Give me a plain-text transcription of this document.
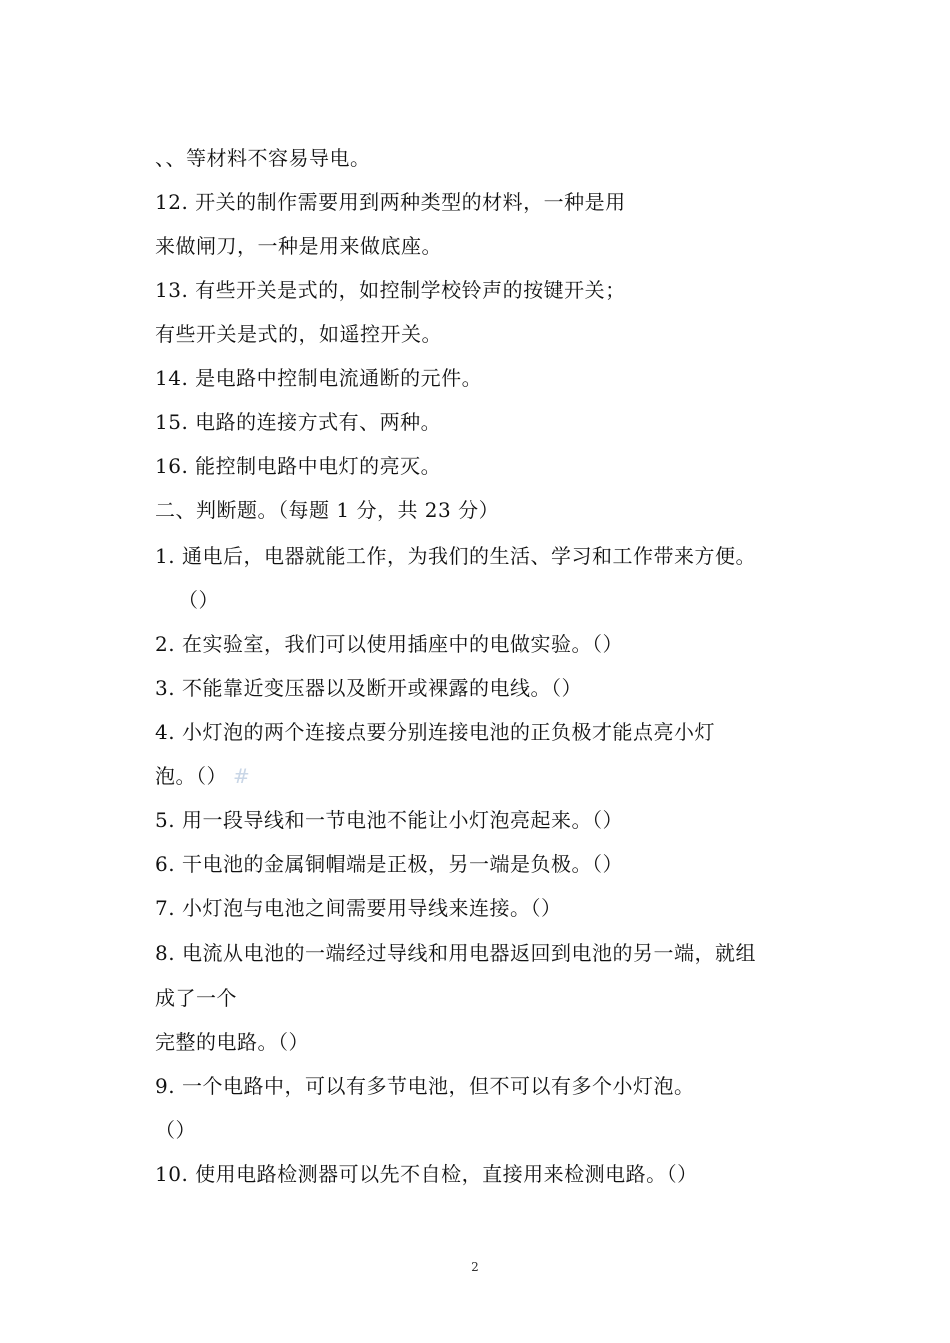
、、等材料不容易导电。
12. 开关的制作需要用到两种类型的材料，一种是用
来做闸刀，一种是用来做底座。
13. 有些开关是式的，如控制学校铃声的按键开关；
有些开关是式的，如遥控开关。
14. 是电路中控制电流通断的元件。
15. 电路的连接方式有、两种。
16. 能控制电路中电灯的亮灭。
二、判断题。（每题 1 分，共 23 分）
1. 通电后，电器就能工作，为我们的生活、学习和工作带来方便。
（）
2. 在实验室，我们可以使用插座中的电做实验。（）
3. 不能靠近变压器以及断开或裸露的电线。（）
4. 小灯泡的两个连接点要分别连接电池的正负极才能点亮小灯
泡。（） #
5. 用一段导线和一节电池不能让小灯泡亮起来。（）
6. 干电池的金属铜帽端是正极，另一端是负极。（）
7. 小灯泡与电池之间需要用导线来连接。（）
8. 电流从电池的一端经过导线和用电器返回到电池的另一端，就组
成了一个
完整的电路。（）
9. 一个电路中，可以有多节电池，但不可以有多个小灯泡。
（）
10. 使用电路检测器可以先不自检，直接用来检测电路。（）
2
